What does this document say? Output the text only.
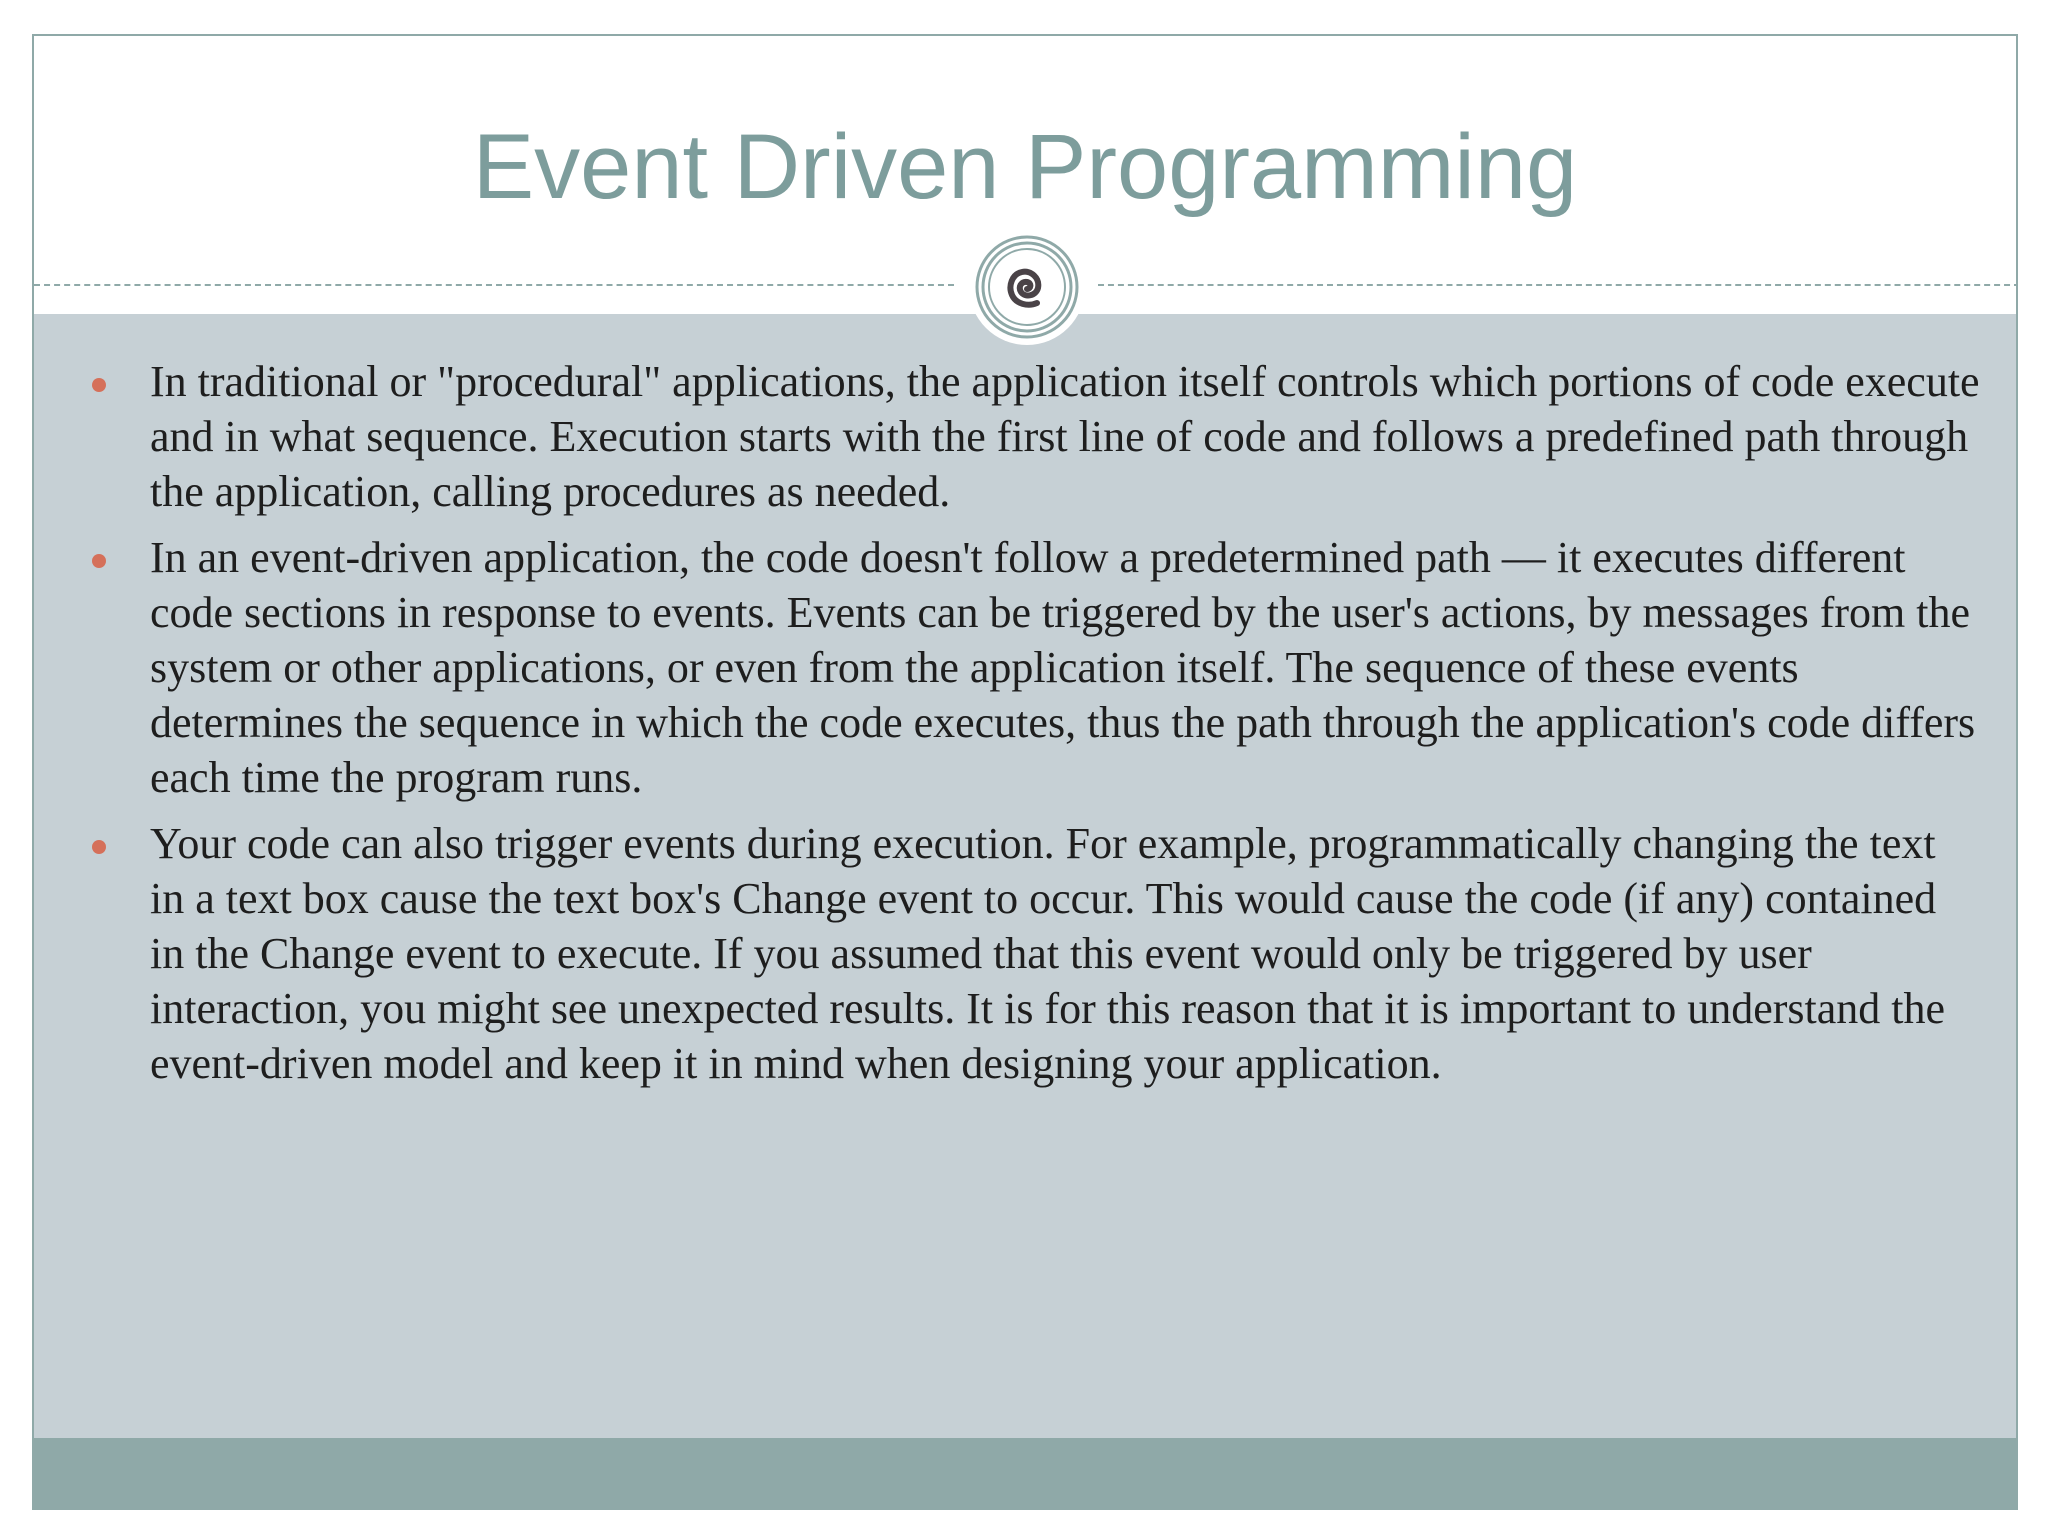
Event Driven Programming
In traditional or "procedural" applications, the application itself controls which portions of code execute and in what sequence. Execution starts with the first line of code and follows a predefined path through the application, calling procedures as needed.
In an event-driven application, the code doesn't follow a predetermined path — it executes different code sections in response to events. Events can be triggered by the user's actions, by messages from the system or other applications, or even from the application itself. The sequence of these events determines the sequence in which the code executes, thus the path through the application's code differs each time the program runs.
Your code can also trigger events during execution. For example, programmatically changing the text in a text box cause the text box's Change event to occur. This would cause the code (if any) contained in the Change event to execute. If you assumed that this event would only be triggered by user interaction, you might see unexpected results. It is for this reason that it is important to understand the event-driven model and keep it in mind when designing your application.
